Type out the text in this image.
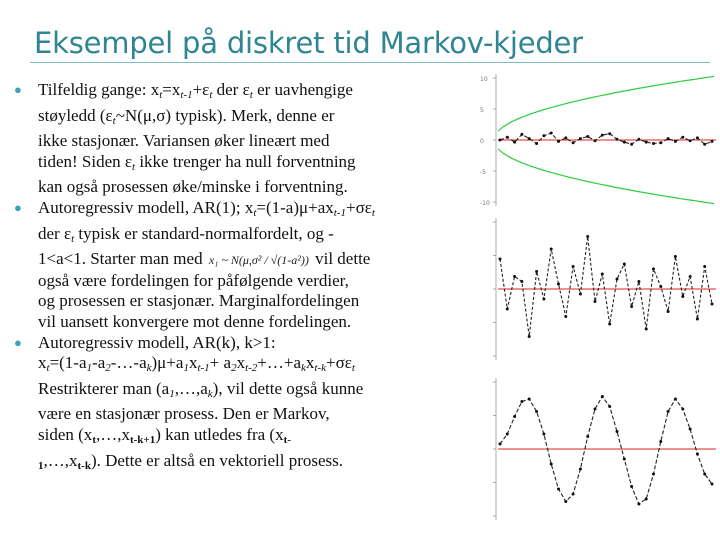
Eksempel på diskret tid Markov-kjeder
● Tilfeldig gange: $x_t=x_{t-1}+\varepsilon_t$ der $\varepsilon_t$ er uavhengige
støyledd ($\varepsilon_t\sim N(\mu,\sigma)$ typisk). Merk, denne er
ikke stasjonær. Variansen øker lineært med
tiden! Siden $\varepsilon_t$ ikke trenger ha null forventning
kan også prosessen øke/minske i forventning.
● Autoregressiv modell, AR(1); $x_t=(1-a)\mu+ax_{t-1}+\sigma\varepsilon_t$
der $\varepsilon_t$ typisk er standard-normalfordelt, og -
1<a<1. Starter man med x₁ ~ N(μ,σ² / √(1-a²)) vil dette
også være fordelingen for påfølgende verdier,
og prosessen er stasjonær. Marginalfordelingen
vil uansett konvergere mot denne fordelingen.
● Autoregressiv modell, AR(k), k>1:
$x_t=(1-a_1-a_2-\dots-a_k)\mu+a_1x_{t-1}+$ $a_2x_{t-2}+\dots+a_kx_{t-k}+\sigma\varepsilon_t$
Restrikterer man $(a_1,\dots,a_k)$, vil dette også kunne
være en stasjonær prosess. Den er Markov,
siden (xt,…,xt-k+1) kan utledes fra (xt-
1,…,xt-k). Dette er altså en vektoriell prosess.
10
5
0
-5
-10
